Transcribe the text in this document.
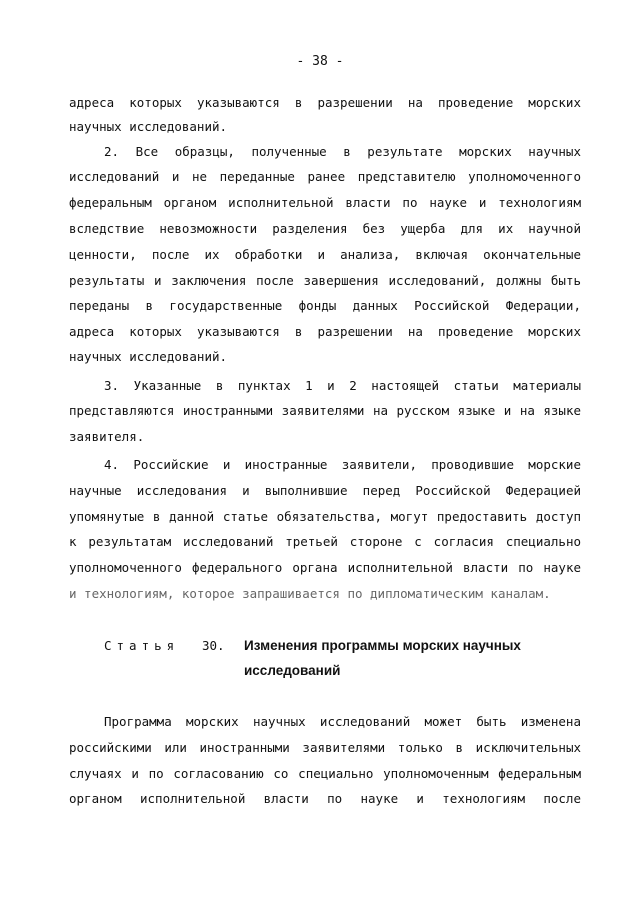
- 38 -
адреса которых указываются в разрешении на проведение морских
научных исследований.
2. Все образцы, полученные в результате морских научных
исследований и не переданные ранее представителю уполномоченного
федеральным органом исполнительной власти по науке и технологиям
вследствие невозможности разделения без ущерба для их научной
ценности, после их обработки и анализа, включая окончательные
результаты и заключения после завершения исследований, должны быть
переданы в государственные фонды данных Российской Федерации,
адреса которых указываются в разрешении на проведение морских
научных исследований.
3. Указанные в пунктах 1 и 2 настоящей статьи материалы
представляются иностранными заявителями на русском языке и на языке
заявителя.
4. Российские и иностранные заявители, проводившие морские
научные исследования и выполнившие перед Российской Федерацией
упомянутые в данной статье обязательства, могут предоставить доступ
к результатам исследований третьей стороне с согласия специально
уполномоченного федерального органа исполнительной власти по науке
и технологиям, которое запрашивается по дипломатическим каналам.
Статья 30. Изменения программы морских научных
исследований
Программа морских научных исследований может быть изменена
российскими или иностранными заявителями только в исключительных
случаях и по согласованию со специально уполномоченным федеральным
органом исполнительной власти по науке и технологиям после
